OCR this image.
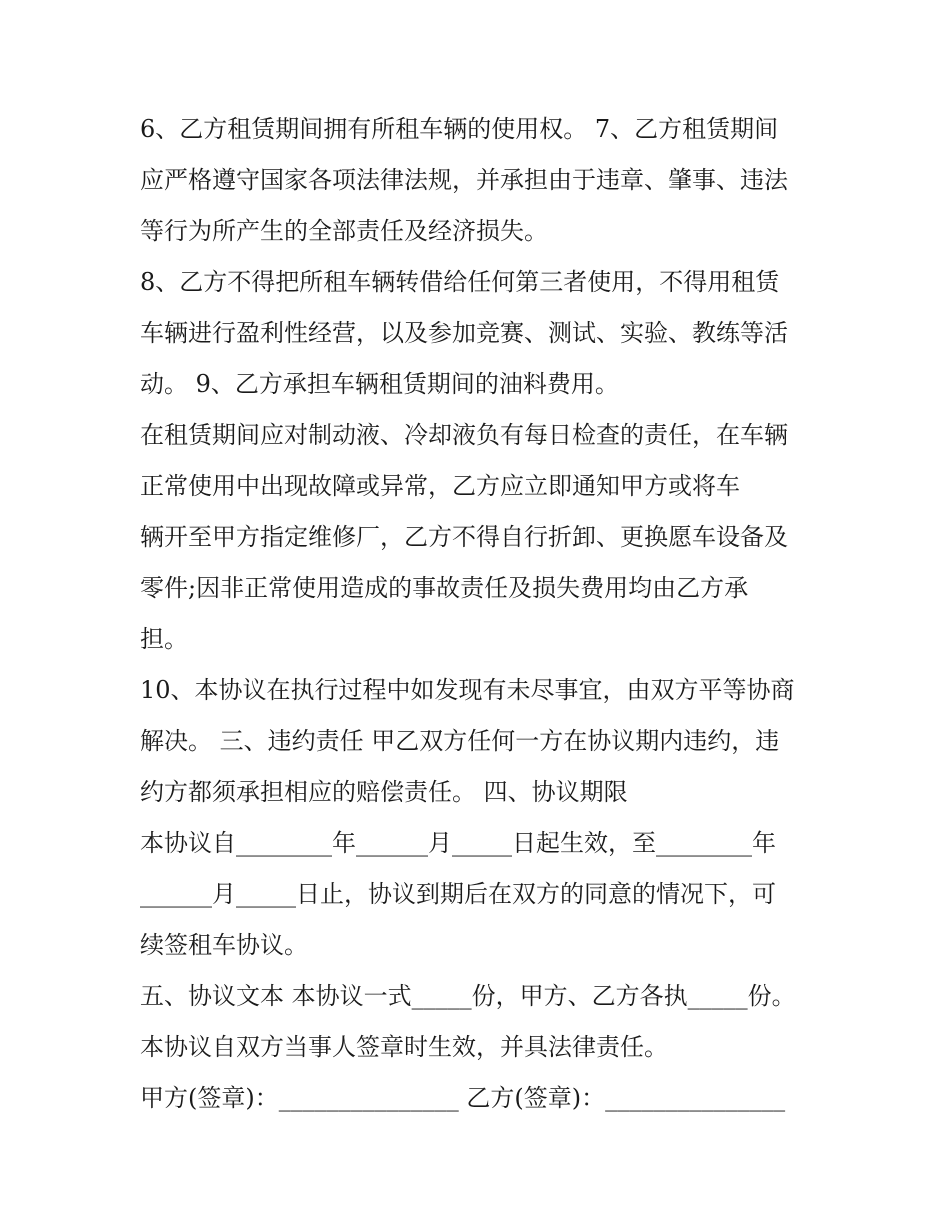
6、乙方租赁期间拥有所租车辆的使用权。 7、乙方租赁期间
应严格遵守国家各项法律法规，并承担由于违章、肇事、违法
等行为所产生的全部责任及经济损失。
8、乙方不得把所租车辆转借给任何第三者使用，不得用租赁
车辆进行盈利性经营，以及参加竞赛、测试、实验、教练等活
动。 9、乙方承担车辆租赁期间的油料费用。
在租赁期间应对制动液、冷却液负有每日检查的责任，在车辆
正常使用中出现故障或异常，乙方应立即通知甲方或将车
辆开至甲方指定维修厂，乙方不得自行折卸、更换愿车设备及
零件;因非正常使用造成的事故责任及损失费用均由乙方承
担。
10、本协议在执行过程中如发现有未尽事宜，由双方平等协商
解决。 三、违约责任 甲乙双方任何一方在协议期内违约，违
约方都须承担相应的赔偿责任。 四、协议期限
本协议自________年______月_____日起生效，至________年
______月_____日止，协议到期后在双方的同意的情况下，可
续签租车协议。
五、协议文本 本协议一式_____份，甲方、乙方各执_____份。
本协议自双方当事人签章时生效，并具法律责任。
甲方(签章)：_______________ 乙方(签章)：_______________
